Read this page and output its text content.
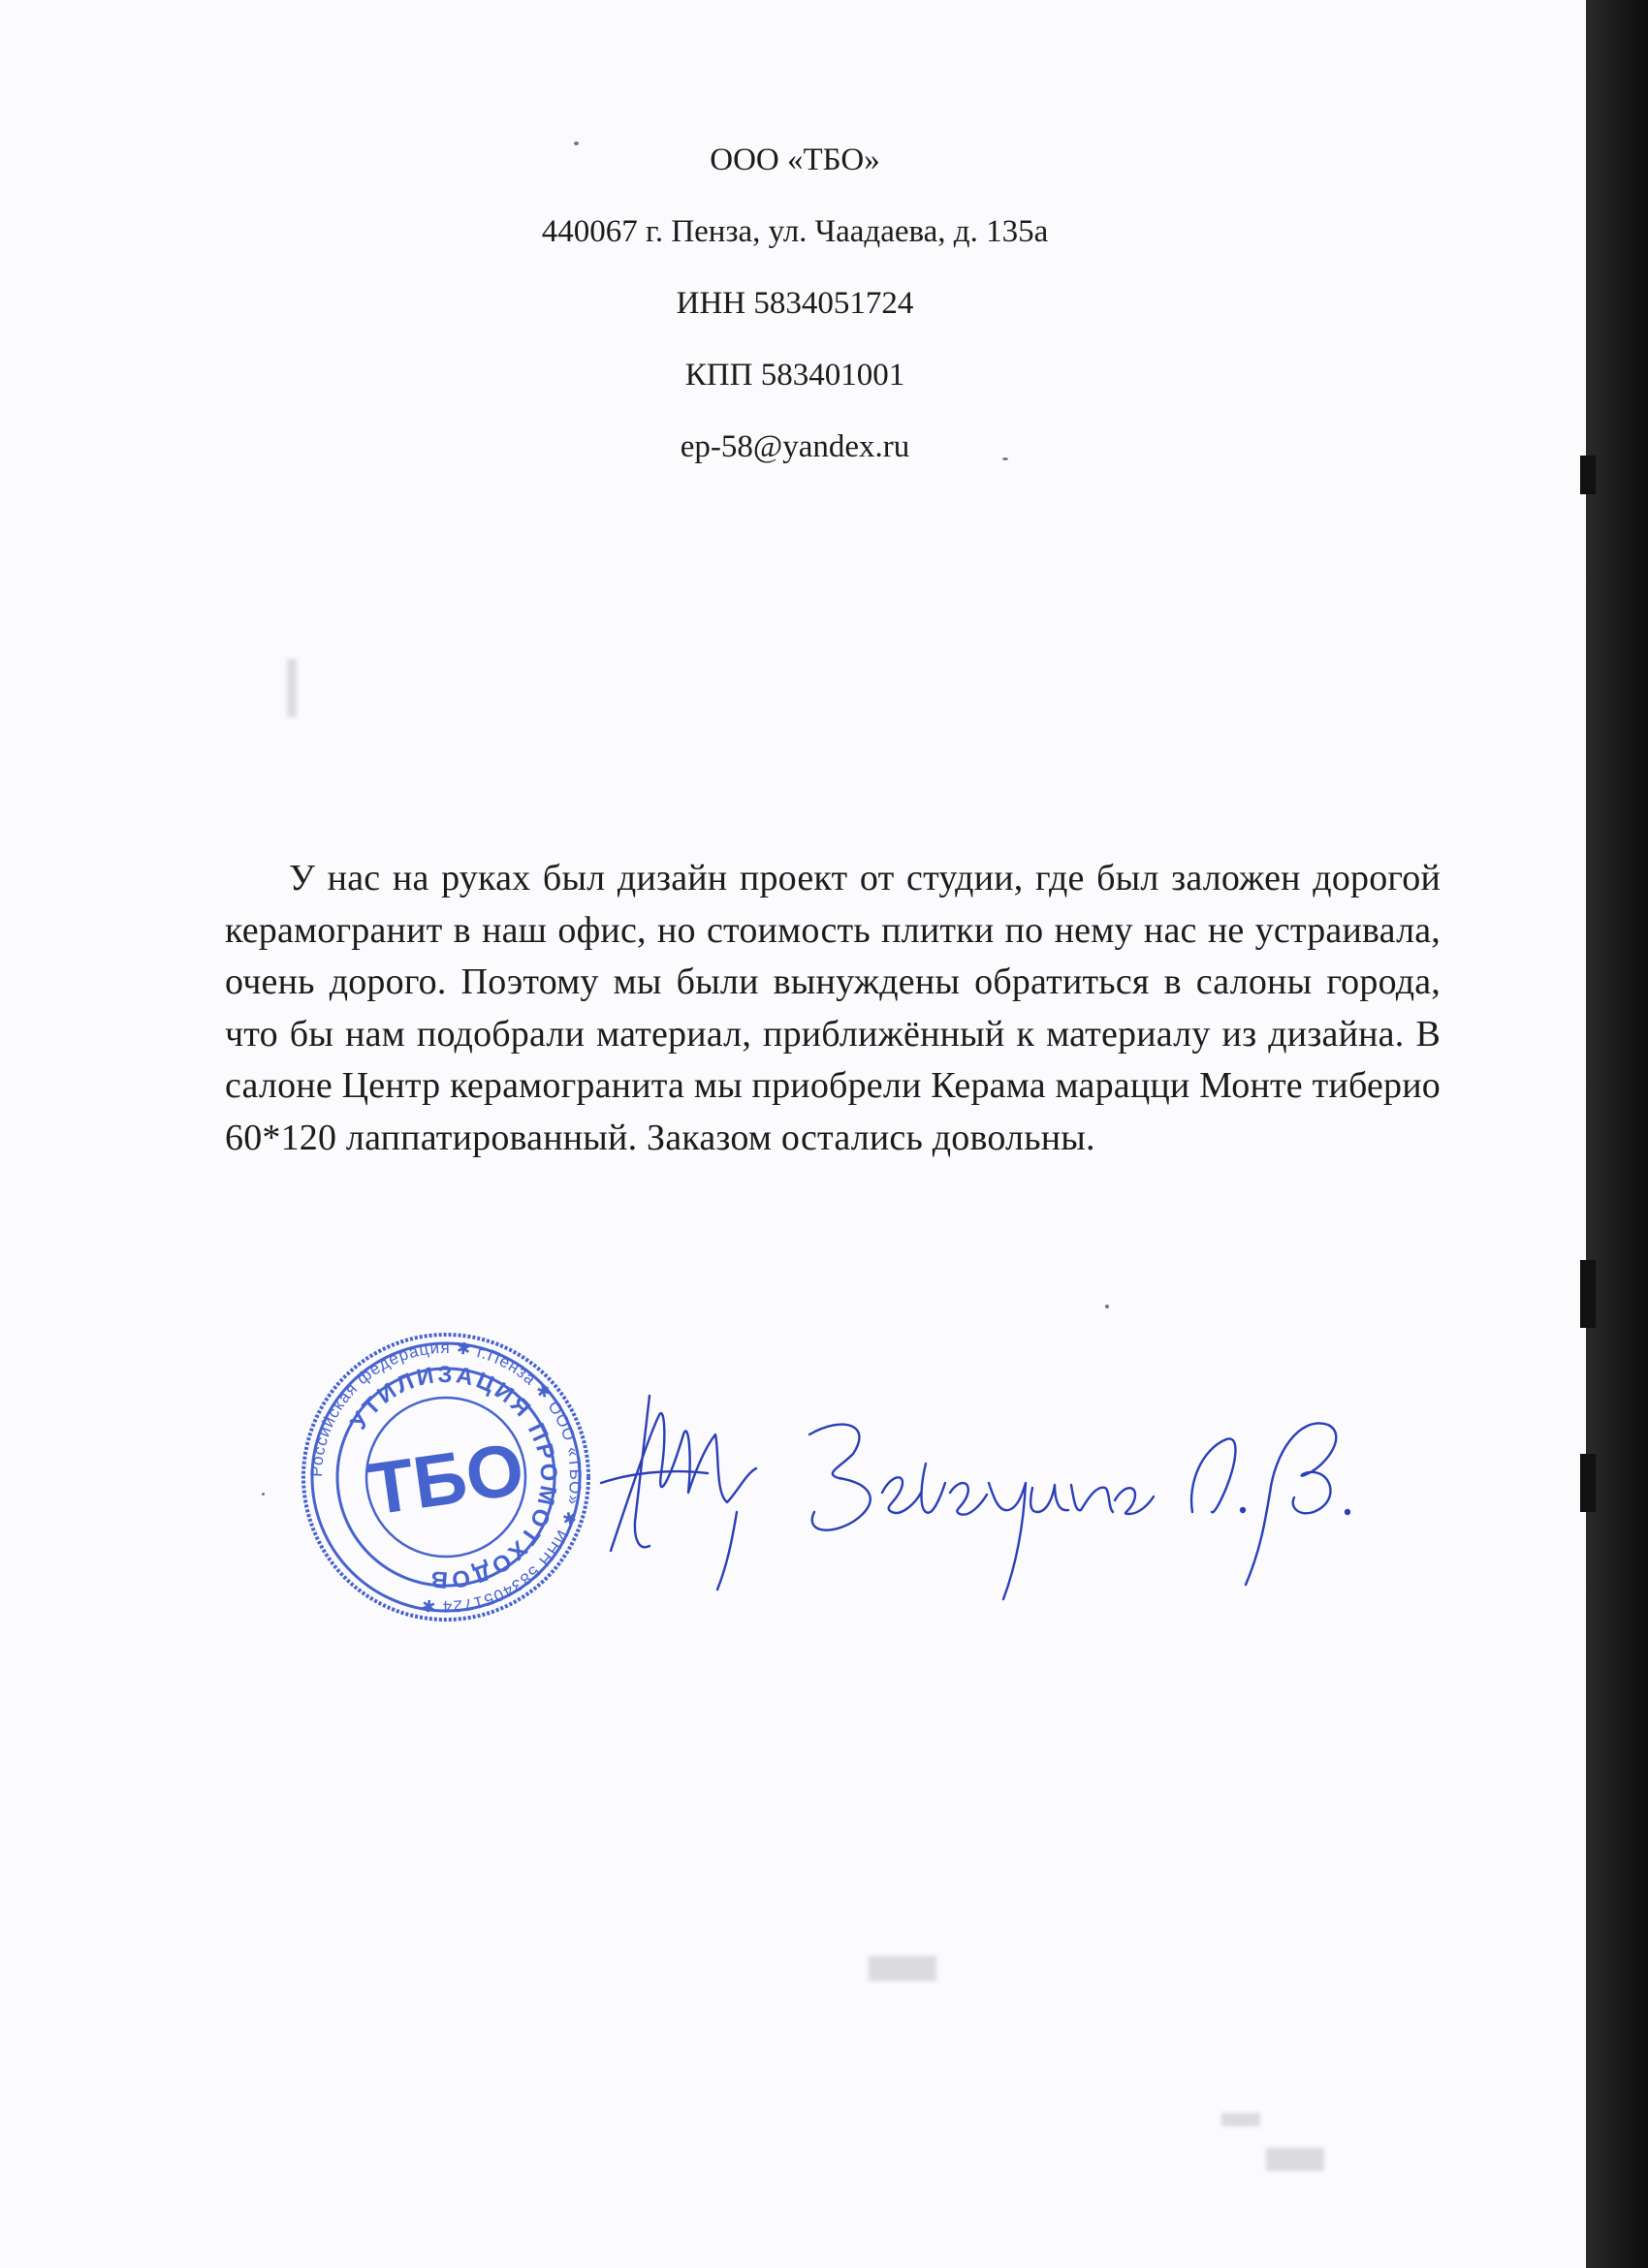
ООО «ТБО»
440067 г. Пенза, ул. Чаадаева, д. 135а
ИНН 5834051724
КПП 583401001
ep-58@yandex.ru
У нас на руках был дизайн проект от студии, где был заложен дорогой керамогранит в наш офис, но стоимость плитки по нему нас не устраивала, очень дорого. Поэтому мы были вынуждены обратиться в салоны города, что бы нам подобрали материал, приближённый к материалу из дизайна. В салоне Центр керамогранита мы приобрели Керама марацци Монте тиберио 60*120 лаппатированный. Заказом остались довольны.
Российская федерация ✱ г.Пенза ✱ ООО «ТБО» ✱ ИНН 5834051724 ✱
УТИЛИЗАЦИЯ ПРОМОТХОДОВ
ТБО
